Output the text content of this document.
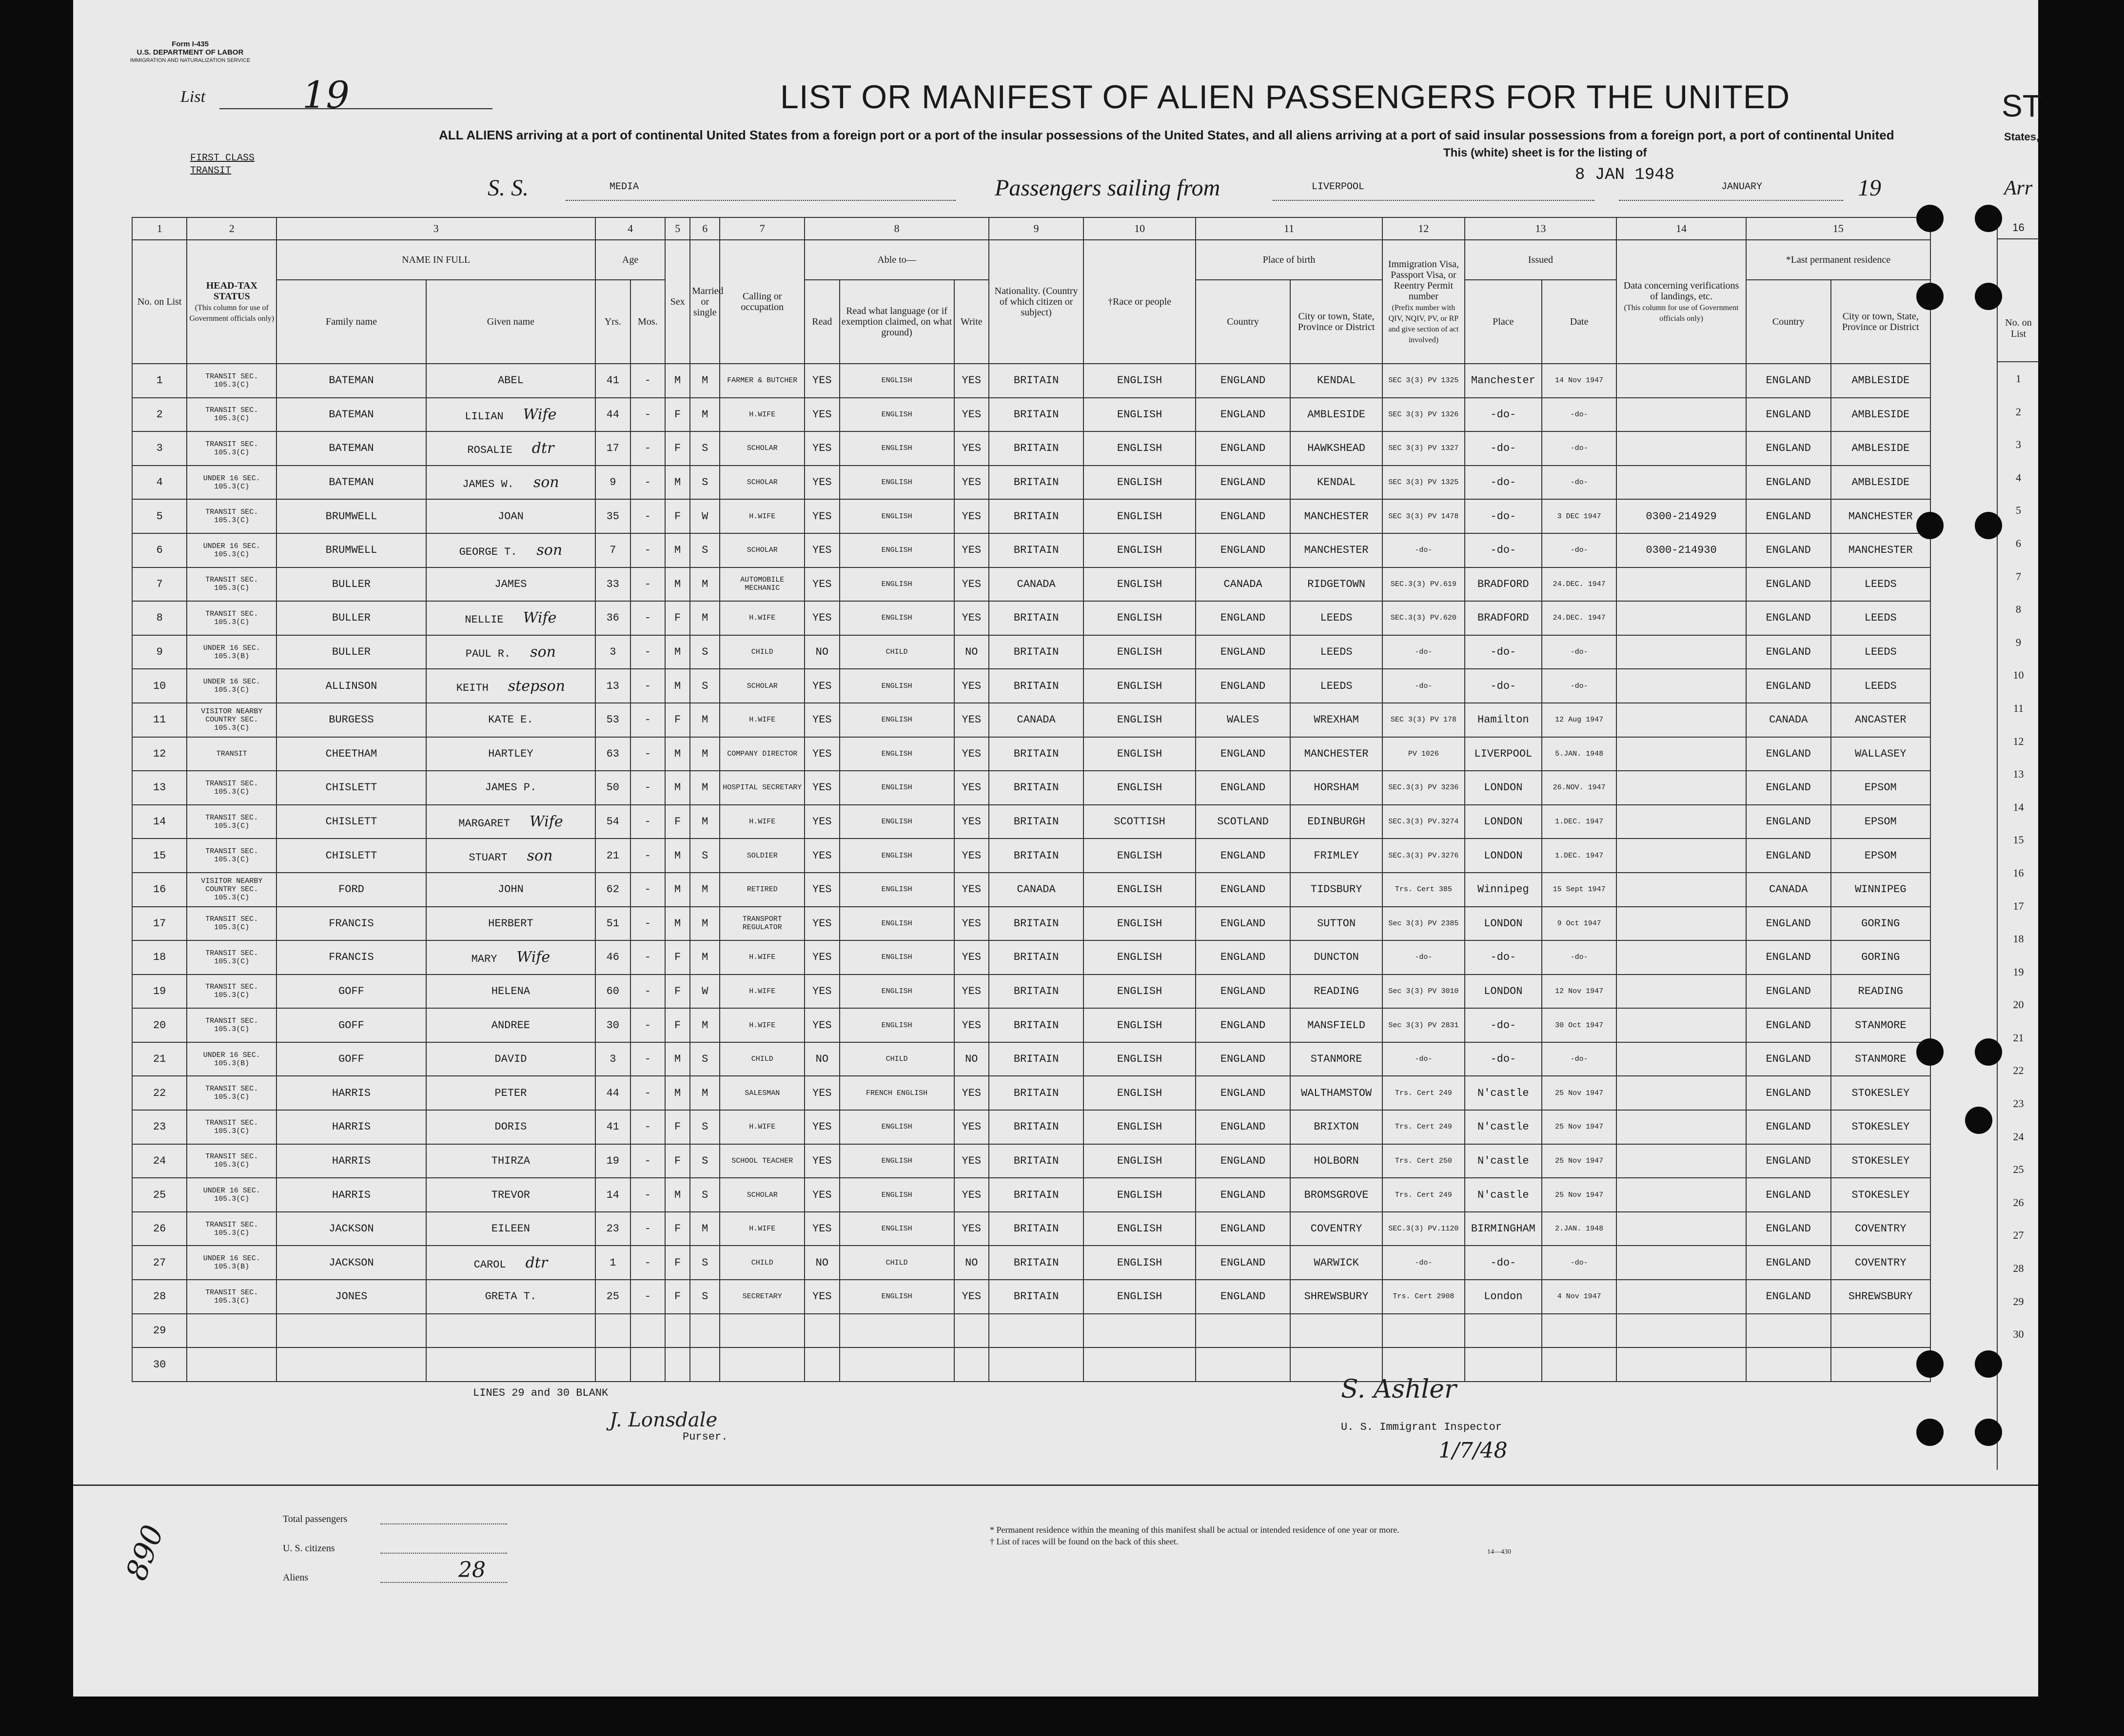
Form I-435
U.S. DEPARTMENT OF LABOR
IMMIGRATION AND NATURALIZATION SERVICE
List	19
FIRST CLASS
TRANSIT
LIST OR MANIFEST OF ALIEN PASSENGERS FOR THE UNITED	ST
ALL ALIENS arriving at a port of continental United States from a foreign port or a port of the insular possessions of the United States, and all aliens arriving at a port of said insular possessions from a foreign port, a port of continental United
This (white) sheet is for the listing of
States,
Arr
S. S.	MEDIA	Passengers sailing from	LIVERPOOL
8 JAN 1948
JANUARY	19
1	2	3		4		5	6	7	8			9	10	11		12	13		14	15	
No. on List	HEAD-TAX STATUS
(This column for use of Government officials only)	NAME IN FULL		Age		Sex	Married or single	Calling or occupation	Able to—			Nationality. (Country of which citizen or subject)	†Race or people	Place of birth		Immigration Visa, Passport Visa, or Reentry Permit number
(Prefix number with QIV, NQIV, PV, or RP and give section of act involved)	Issued		Data concerning verifications of landings, etc.
(This column for use of Government officials only)	*Last permanent residence	
		Family name	Given name	Yrs.	Mos.				Read	Read what language (or if exemption claimed, on what ground)	Write			Country	City or town, State, Province or District		Place	Date		Country	City or town, State, Province or District
1	TRANSIT SEC. 105.3(C)	BATEMAN	ABEL	41	-	M	M	FARMER & BUTCHER	YES	ENGLISH	YES	BRITAIN	ENGLISH	ENGLAND	KENDAL	SEC 3(3) PV 1325	Manchester	14 Nov 1947		ENGLAND	AMBLESIDE
2	TRANSIT SEC. 105.3(C)	BATEMAN	LILIAN Wife	44	-	F	M	H.WIFE	YES	ENGLISH	YES	BRITAIN	ENGLISH	ENGLAND	AMBLESIDE	SEC 3(3) PV 1326	-do-	-do-		ENGLAND	AMBLESIDE
3	TRANSIT SEC. 105.3(C)	BATEMAN	ROSALIE dtr	17	-	F	S	SCHOLAR	YES	ENGLISH	YES	BRITAIN	ENGLISH	ENGLAND	HAWKSHEAD	SEC 3(3) PV 1327	-do-	-do-		ENGLAND	AMBLESIDE
4	UNDER 16 SEC. 105.3(C)	BATEMAN	JAMES W. son	9	-	M	S	SCHOLAR	YES	ENGLISH	YES	BRITAIN	ENGLISH	ENGLAND	KENDAL	SEC 3(3) PV 1325	-do-	-do-		ENGLAND	AMBLESIDE
5	TRANSIT SEC. 105.3(C)	BRUMWELL	JOAN	35	-	F	W	H.WIFE	YES	ENGLISH	YES	BRITAIN	ENGLISH	ENGLAND	MANCHESTER	SEC 3(3) PV 1478	-do-	3 DEC 1947	0300-214929	ENGLAND	MANCHESTER
6	UNDER 16 SEC. 105.3(C)	BRUMWELL	GEORGE T. son	7	-	M	S	SCHOLAR	YES	ENGLISH	YES	BRITAIN	ENGLISH	ENGLAND	MANCHESTER	-do-	-do-	-do-	0300-214930	ENGLAND	MANCHESTER
7	TRANSIT SEC. 105.3(C)	BULLER	JAMES	33	-	M	M	AUTOMOBILE MECHANIC	YES	ENGLISH	YES	CANADA	ENGLISH	CANADA	RIDGETOWN	SEC.3(3) PV.619	BRADFORD	24.DEC. 1947		ENGLAND	LEEDS
8	TRANSIT SEC. 105.3(C)	BULLER	NELLIE Wife	36	-	F	M	H.WIFE	YES	ENGLISH	YES	BRITAIN	ENGLISH	ENGLAND	LEEDS	SEC.3(3) PV.620	BRADFORD	24.DEC. 1947		ENGLAND	LEEDS
9	UNDER 16 SEC. 105.3(B)	BULLER	PAUL R. son	3	-	M	S	CHILD	NO	CHILD	NO	BRITAIN	ENGLISH	ENGLAND	LEEDS	-do-	-do-	-do-		ENGLAND	LEEDS
10	UNDER 16 SEC. 105.3(C)	ALLINSON	KEITH stepson	13	-	M	S	SCHOLAR	YES	ENGLISH	YES	BRITAIN	ENGLISH	ENGLAND	LEEDS	-do-	-do-	-do-		ENGLAND	LEEDS
11	VISITOR NEARBY COUNTRY SEC. 105.3(C)	BURGESS	KATE E.	53	-	F	M	H.WIFE	YES	ENGLISH	YES	CANADA	ENGLISH	WALES	WREXHAM	SEC 3(3) PV 178	Hamilton	12 Aug 1947		CANADA	ANCASTER
12	TRANSIT	CHEETHAM	HARTLEY	63	-	M	M	COMPANY DIRECTOR	YES	ENGLISH	YES	BRITAIN	ENGLISH	ENGLAND	MANCHESTER	PV 1026	LIVERPOOL	5.JAN. 1948		ENGLAND	WALLASEY
13	TRANSIT SEC. 105.3(C)	CHISLETT	JAMES P.	50	-	M	M	HOSPITAL SECRETARY	YES	ENGLISH	YES	BRITAIN	ENGLISH	ENGLAND	HORSHAM	SEC.3(3) PV 3236	LONDON	26.NOV. 1947		ENGLAND	EPSOM
14	TRANSIT SEC. 105.3(C)	CHISLETT	MARGARET Wife	54	-	F	M	H.WIFE	YES	ENGLISH	YES	BRITAIN	SCOTTISH	SCOTLAND	EDINBURGH	SEC.3(3) PV.3274	LONDON	1.DEC. 1947		ENGLAND	EPSOM
15	TRANSIT SEC. 105.3(C)	CHISLETT	STUART son	21	-	M	S	SOLDIER	YES	ENGLISH	YES	BRITAIN	ENGLISH	ENGLAND	FRIMLEY	SEC.3(3) PV.3276	LONDON	1.DEC. 1947		ENGLAND	EPSOM
16	VISITOR NEARBY COUNTRY SEC. 105.3(C)	FORD	JOHN	62	-	M	M	RETIRED	YES	ENGLISH	YES	CANADA	ENGLISH	ENGLAND	TIDSBURY	Trs. Cert 385	Winnipeg	15 Sept 1947		CANADA	WINNIPEG
17	TRANSIT SEC. 105.3(C)	FRANCIS	HERBERT	51	-	M	M	TRANSPORT REGULATOR	YES	ENGLISH	YES	BRITAIN	ENGLISH	ENGLAND	SUTTON	Sec 3(3) PV 2385	LONDON	9 Oct 1947		ENGLAND	GORING
18	TRANSIT SEC. 105.3(C)	FRANCIS	MARY Wife	46	-	F	M	H.WIFE	YES	ENGLISH	YES	BRITAIN	ENGLISH	ENGLAND	DUNCTON	-do-	-do-	-do-		ENGLAND	GORING
19	TRANSIT SEC. 105.3(C)	GOFF	HELENA	60	-	F	W	H.WIFE	YES	ENGLISH	YES	BRITAIN	ENGLISH	ENGLAND	READING	Sec 3(3) PV 3010	LONDON	12 Nov 1947		ENGLAND	READING
20	TRANSIT SEC. 105.3(C)	GOFF	ANDREE	30	-	F	M	H.WIFE	YES	ENGLISH	YES	BRITAIN	ENGLISH	ENGLAND	MANSFIELD	Sec 3(3) PV 2831	-do-	30 Oct 1947		ENGLAND	STANMORE
21	UNDER 16 SEC. 105.3(B)	GOFF	DAVID	3	-	M	S	CHILD	NO	CHILD	NO	BRITAIN	ENGLISH	ENGLAND	STANMORE	-do-	-do-	-do-		ENGLAND	STANMORE
22	TRANSIT SEC. 105.3(C)	HARRIS	PETER	44	-	M	M	SALESMAN	YES	FRENCH ENGLISH	YES	BRITAIN	ENGLISH	ENGLAND	WALTHAMSTOW	Trs. Cert 249	N'castle	25 Nov 1947		ENGLAND	STOKESLEY
23	TRANSIT SEC. 105.3(C)	HARRIS	DORIS	41	-	F	S	H.WIFE	YES	ENGLISH	YES	BRITAIN	ENGLISH	ENGLAND	BRIXTON	Trs. Cert 249	N'castle	25 Nov 1947		ENGLAND	STOKESLEY
24	TRANSIT SEC. 105.3(C)	HARRIS	THIRZA	19	-	F	S	SCHOOL TEACHER	YES	ENGLISH	YES	BRITAIN	ENGLISH	ENGLAND	HOLBORN	Trs. Cert 250	N'castle	25 Nov 1947		ENGLAND	STOKESLEY
25	UNDER 16 SEC. 105.3(C)	HARRIS	TREVOR	14	-	M	S	SCHOLAR	YES	ENGLISH	YES	BRITAIN	ENGLISH	ENGLAND	BROMSGROVE	Trs. Cert 249	N'castle	25 Nov 1947		ENGLAND	STOKESLEY
26	TRANSIT SEC. 105.3(C)	JACKSON	EILEEN	23	-	F	M	H.WIFE	YES	ENGLISH	YES	BRITAIN	ENGLISH	ENGLAND	COVENTRY	SEC.3(3) PV.1120	BIRMINGHAM	2.JAN. 1948		ENGLAND	COVENTRY
27	UNDER 16 SEC. 105.3(B)	JACKSON	CAROL dtr	1	-	F	S	CHILD	NO	CHILD	NO	BRITAIN	ENGLISH	ENGLAND	WARWICK	-do-	-do-	-do-		ENGLAND	COVENTRY
28	TRANSIT SEC. 105.3(C)	JONES	GRETA T.	25	-	F	S	SECRETARY	YES	ENGLISH	YES	BRITAIN	ENGLISH	ENGLAND	SHREWSBURY	Trs. Cert 2908	London	4 Nov 1947		ENGLAND	SHREWSBURY
29																					
30																					
16
No. on List
1
2
3
4
5
6
7
8
9
10
11
12
13
14
15
16
17
18
19
20
21
22
23
24
25
26
27
28
29
30
LINES 29 and 30 BLANK
J. Lonsdale
Purser.
S. Ashler
U. S. Immigrant Inspector
1/7/48
Total passengers
U. S. citizens
Aliens	28
* Permanent residence within the meaning of this manifest shall be actual or intended residence of one year or more.
† List of races will be found on the back of this sheet.
14—430
890
